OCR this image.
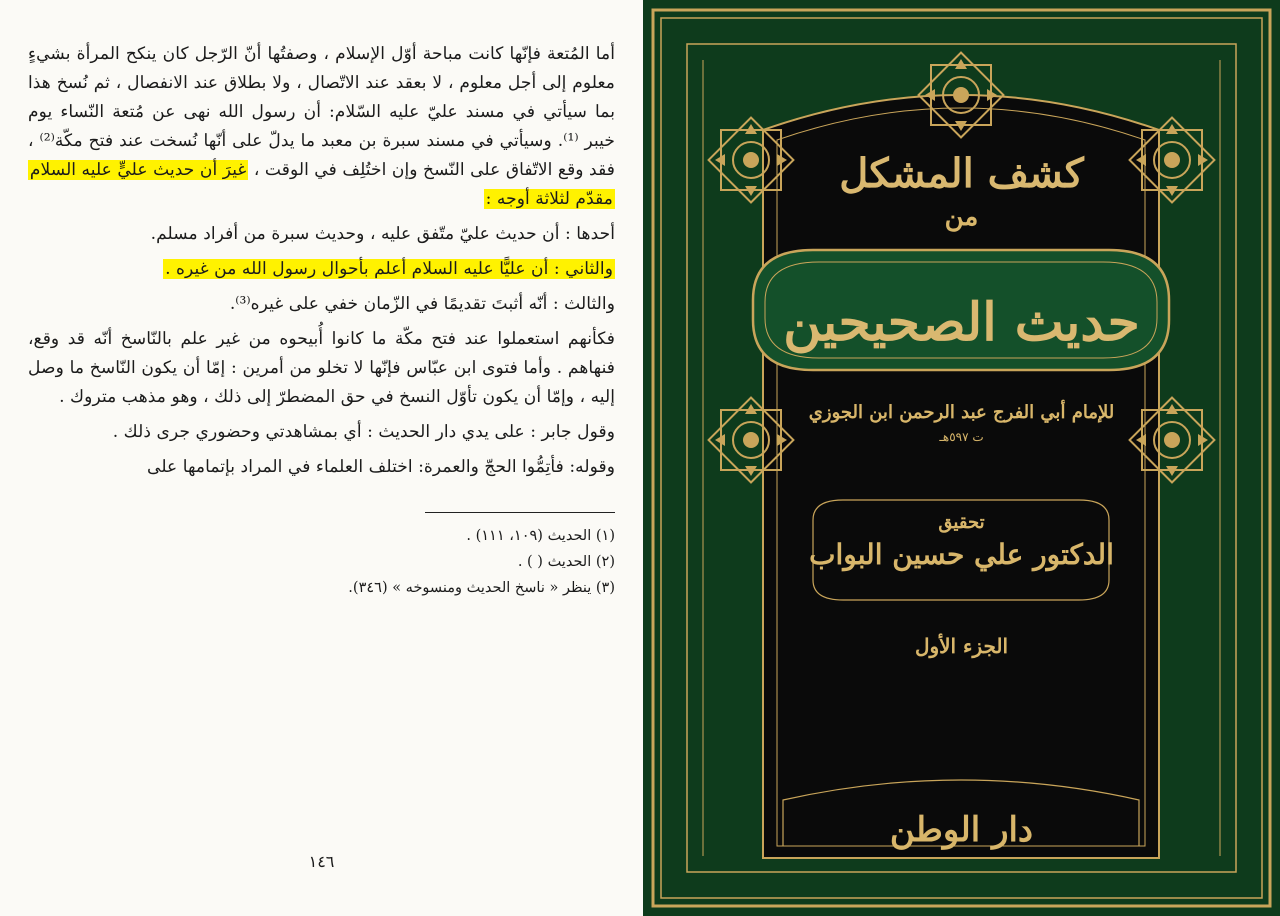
أما المُتعة فإنّها كانت مباحة أوّل الإسلام ، وصفتُها أنّ الرّجل كان ينكح المرأة بشيءٍ معلوم إلى أجل معلوم ، لا بعقد عند الاتّصال ، ولا بطلاق عند الانفصال ، ثم نُسخ هذا بما سيأتي في مسند عليّ عليه السّلام: أن رسول الله نهى عن مُتعة النّساء يوم خيبر ⁽¹⁾. وسيأتي في مسند سبرة بن معبد ما يدلّ على أنّها نُسخت عند فتح مكّة⁽²⁾ ، فقد وقع الاتّفاق على النّسخ وإن اختُلِف في الوقت ، غيرَ أن حديث عليٍّ عليه السلام مقدّم لثلاثة أوجه :

أحدها : أن حديث عليّ متّفق عليه ، وحديث سبرة من أفراد مسلم.

والثاني : أن عليًّا عليه السلام أعلم بأحوال رسول الله من غيره .

والثالث : أنّه أثبتَ تقديمًا في الزّمان خفي على غيره⁽³⁾.

فكأنهم استعملوا عند فتح مكّة ما كانوا أُبيحوه من غير علم بالنّاسخ أنّه قد وقع، فنهاهم . وأما فتوى ابن عبّاس فإنّها لا تخلو من أمرين : إمّا أن يكون النّاسخ ما وصل إليه ، وإمّا أن يكون تأوّل النسخ في حق المضطرّ إلى ذلك ، وهو مذهب متروك .

وقول جابر : على يدي دار الحديث : أي بمشاهدتي وحضوري جرى ذلك .

وقوله: فأتِمُّوا الحجّ والعمرة: اختلف العلماء في المراد بإتمامها على

(١) الحديث (١٠٩، ١١١) .

(٢) الحديث ( ) .

(٣) ينظر « ناسخ الحديث ومنسوخه » (٣٤٦).

١٤٦
كشف المشكل
من
حديث الصحيحين
للإمام أبي الفرج عبد الرحمن ابن الجوزي
ت ٥٩٧هـ
تحقيق
الدكتور علي حسين البواب
الجزء الأول
دار الوطن
